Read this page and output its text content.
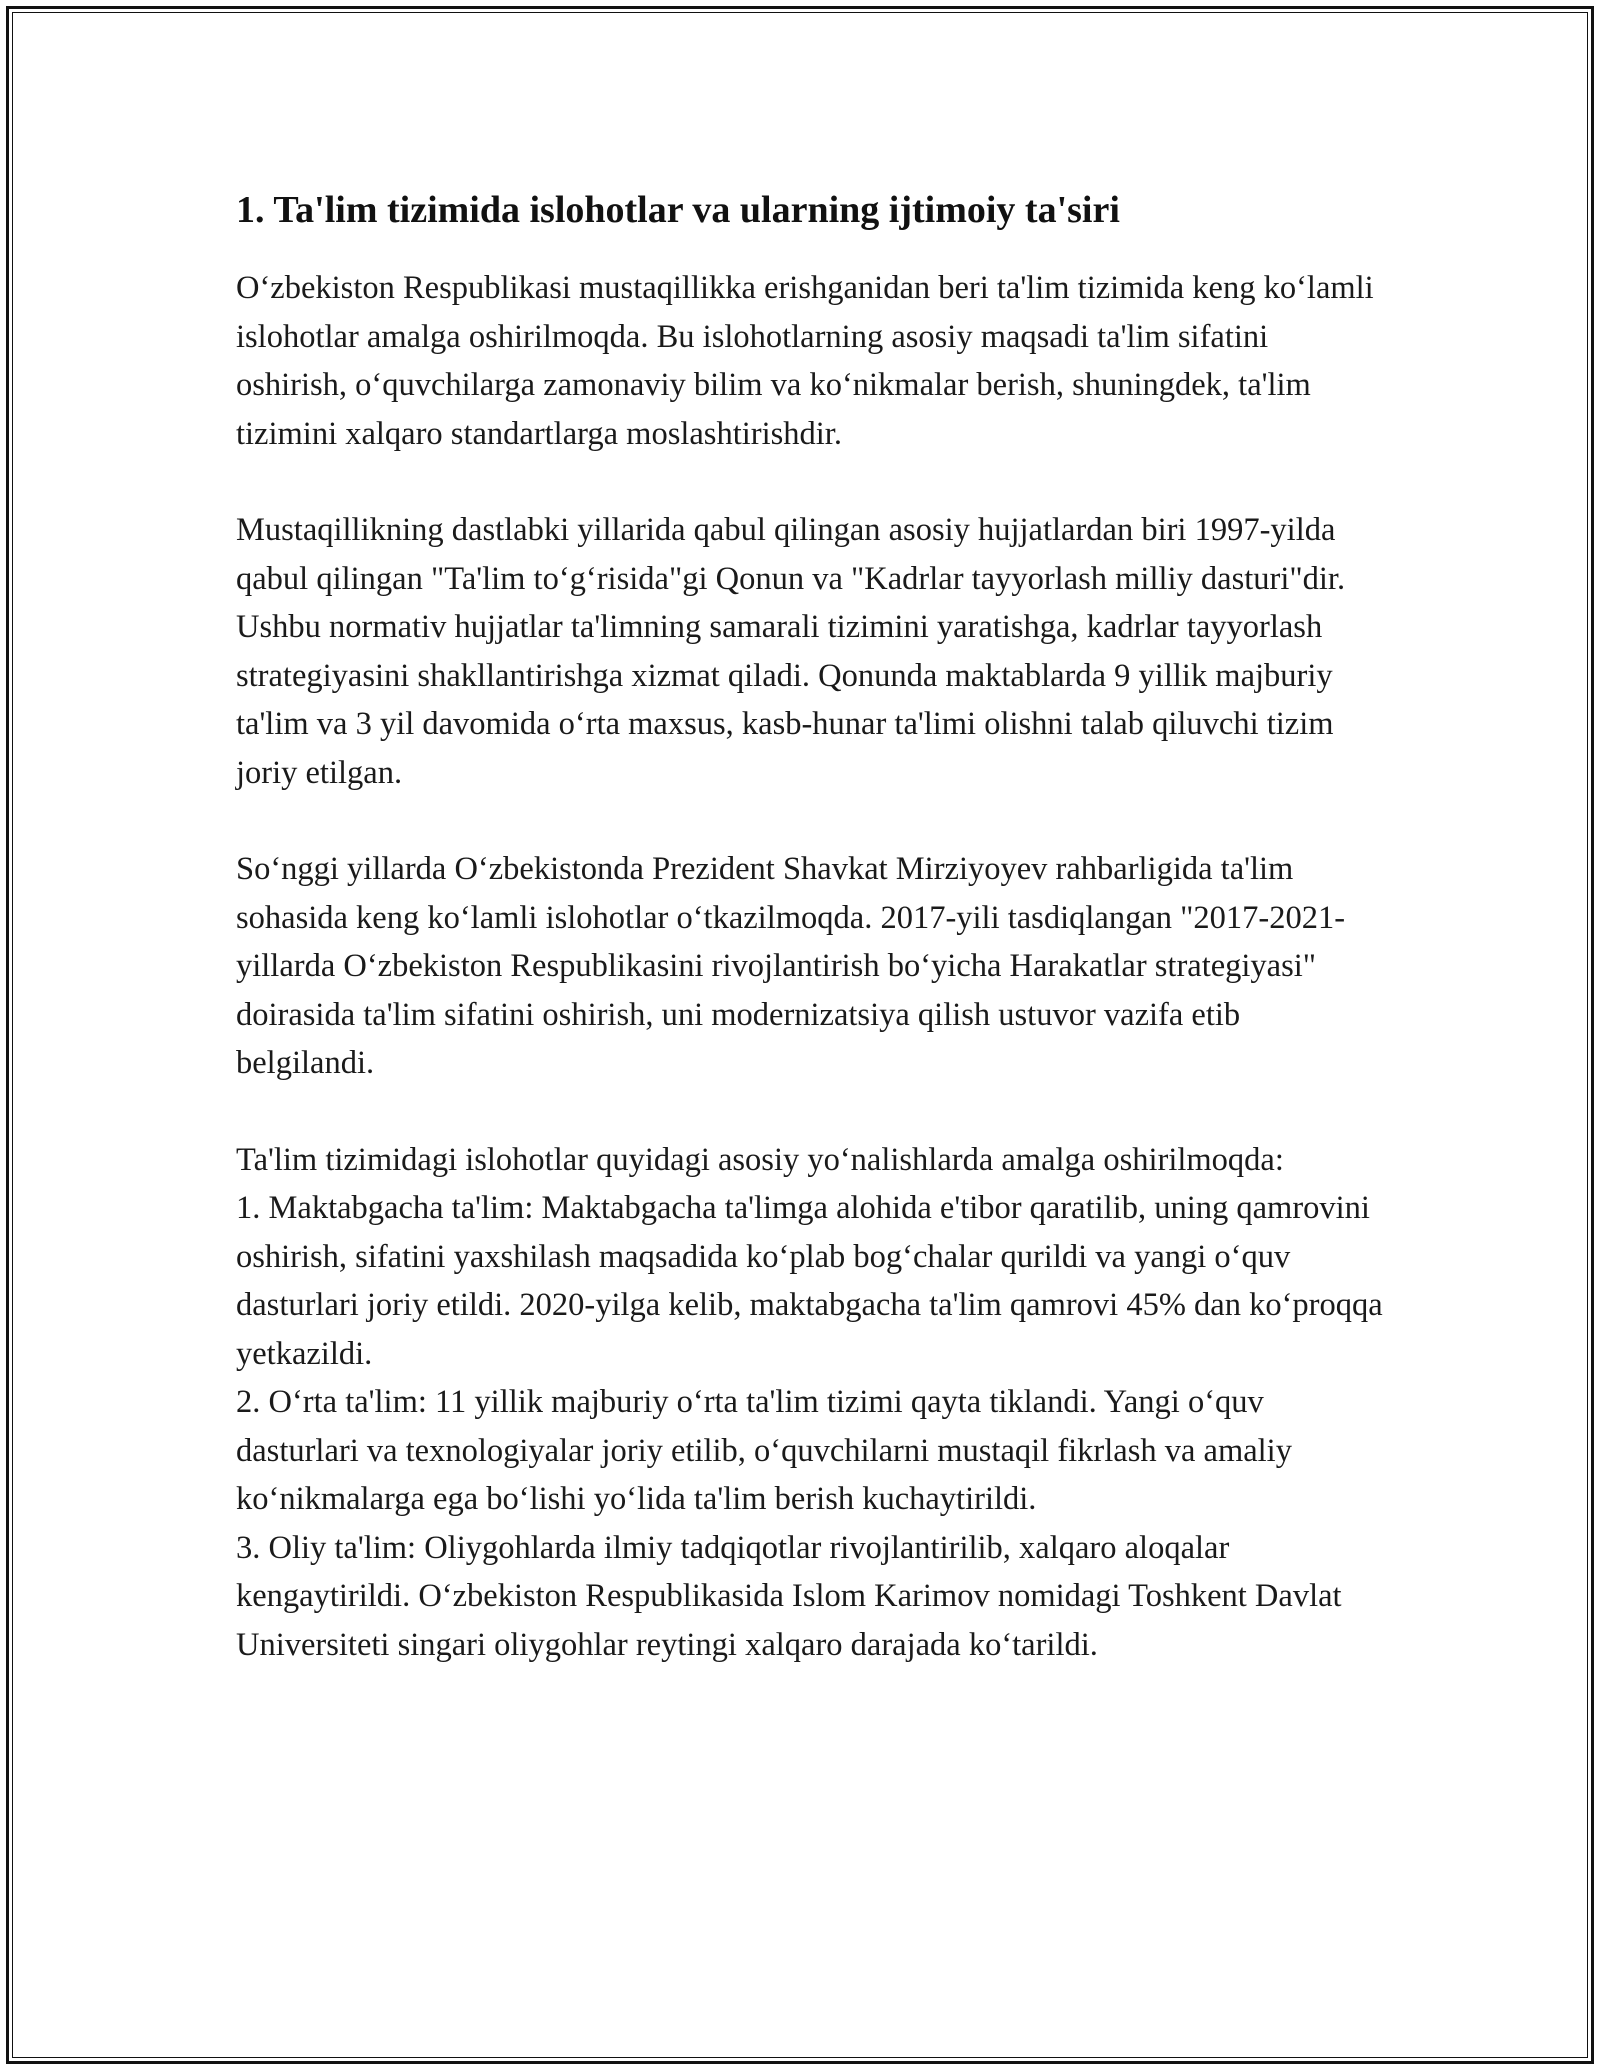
1. Ta'lim tizimida islohotlar va ularning ijtimoiy ta'siri

Oʻzbekiston Respublikasi mustaqillikka erishganidan beri ta'lim tizimida keng koʻlamli islohotlar amalga oshirilmoqda. Bu islohotlarning asosiy maqsadi ta'lim sifatini oshirish, oʻquvchilarga zamonaviy bilim va koʻnikmalar berish, shuningdek, ta'lim tizimini xalqaro standartlarga moslashtirishdir.

Mustaqillikning dastlabki yillarida qabul qilingan asosiy hujjatlardan biri 1997-yilda qabul qilingan "Ta'lim toʻgʻrisida"gi Qonun va "Kadrlar tayyorlash milliy dasturi"dir. Ushbu normativ hujjatlar ta'limning samarali tizimini yaratishga, kadrlar tayyorlash strategiyasini shakllantirishga xizmat qiladi. Qonunda maktablarda 9 yillik majburiy ta'lim va 3 yil davomida oʻrta maxsus, kasb-hunar ta'limi olishni talab qiluvchi tizim joriy etilgan.

Soʻnggi yillarda Oʻzbekistonda Prezident Shavkat Mirziyoyev rahbarligida ta'lim sohasida keng koʻlamli islohotlar oʻtkazilmoqda. 2017-yili tasdiqlangan "2017-2021-yillarda Oʻzbekiston Respublikasini rivojlantirish boʻyicha Harakatlar strategiyasi" doirasida ta'lim sifatini oshirish, uni modernizatsiya qilish ustuvor vazifa etib belgilandi.

Ta'lim tizimidagi islohotlar quyidagi asosiy yoʻnalishlarda amalga oshirilmoqda:

1. Maktabgacha ta'lim: Maktabgacha ta'limga alohida e'tibor qaratilib, uning qamrovini oshirish, sifatini yaxshilash maqsadida koʻplab bogʻchalar qurildi va yangi oʻquv dasturlari joriy etildi. 2020-yilga kelib, maktabgacha ta'lim qamrovi 45% dan koʻproqqa yetkazildi.

2. Oʻrta ta'lim: 11 yillik majburiy oʻrta ta'lim tizimi qayta tiklandi. Yangi oʻquv dasturlari va texnologiyalar joriy etilib, oʻquvchilarni mustaqil fikrlash va amaliy koʻnikmalarga ega boʻlishi yoʻlida ta'lim berish kuchaytirildi.

3. Oliy ta'lim: Oliygohlarda ilmiy tadqiqotlar rivojlantirilib, xalqaro aloqalar kengaytirildi. Oʻzbekiston Respublikasida Islom Karimov nomidagi Toshkent Davlat Universiteti singari oliygohlar reytingi xalqaro darajada koʻtarildi.
